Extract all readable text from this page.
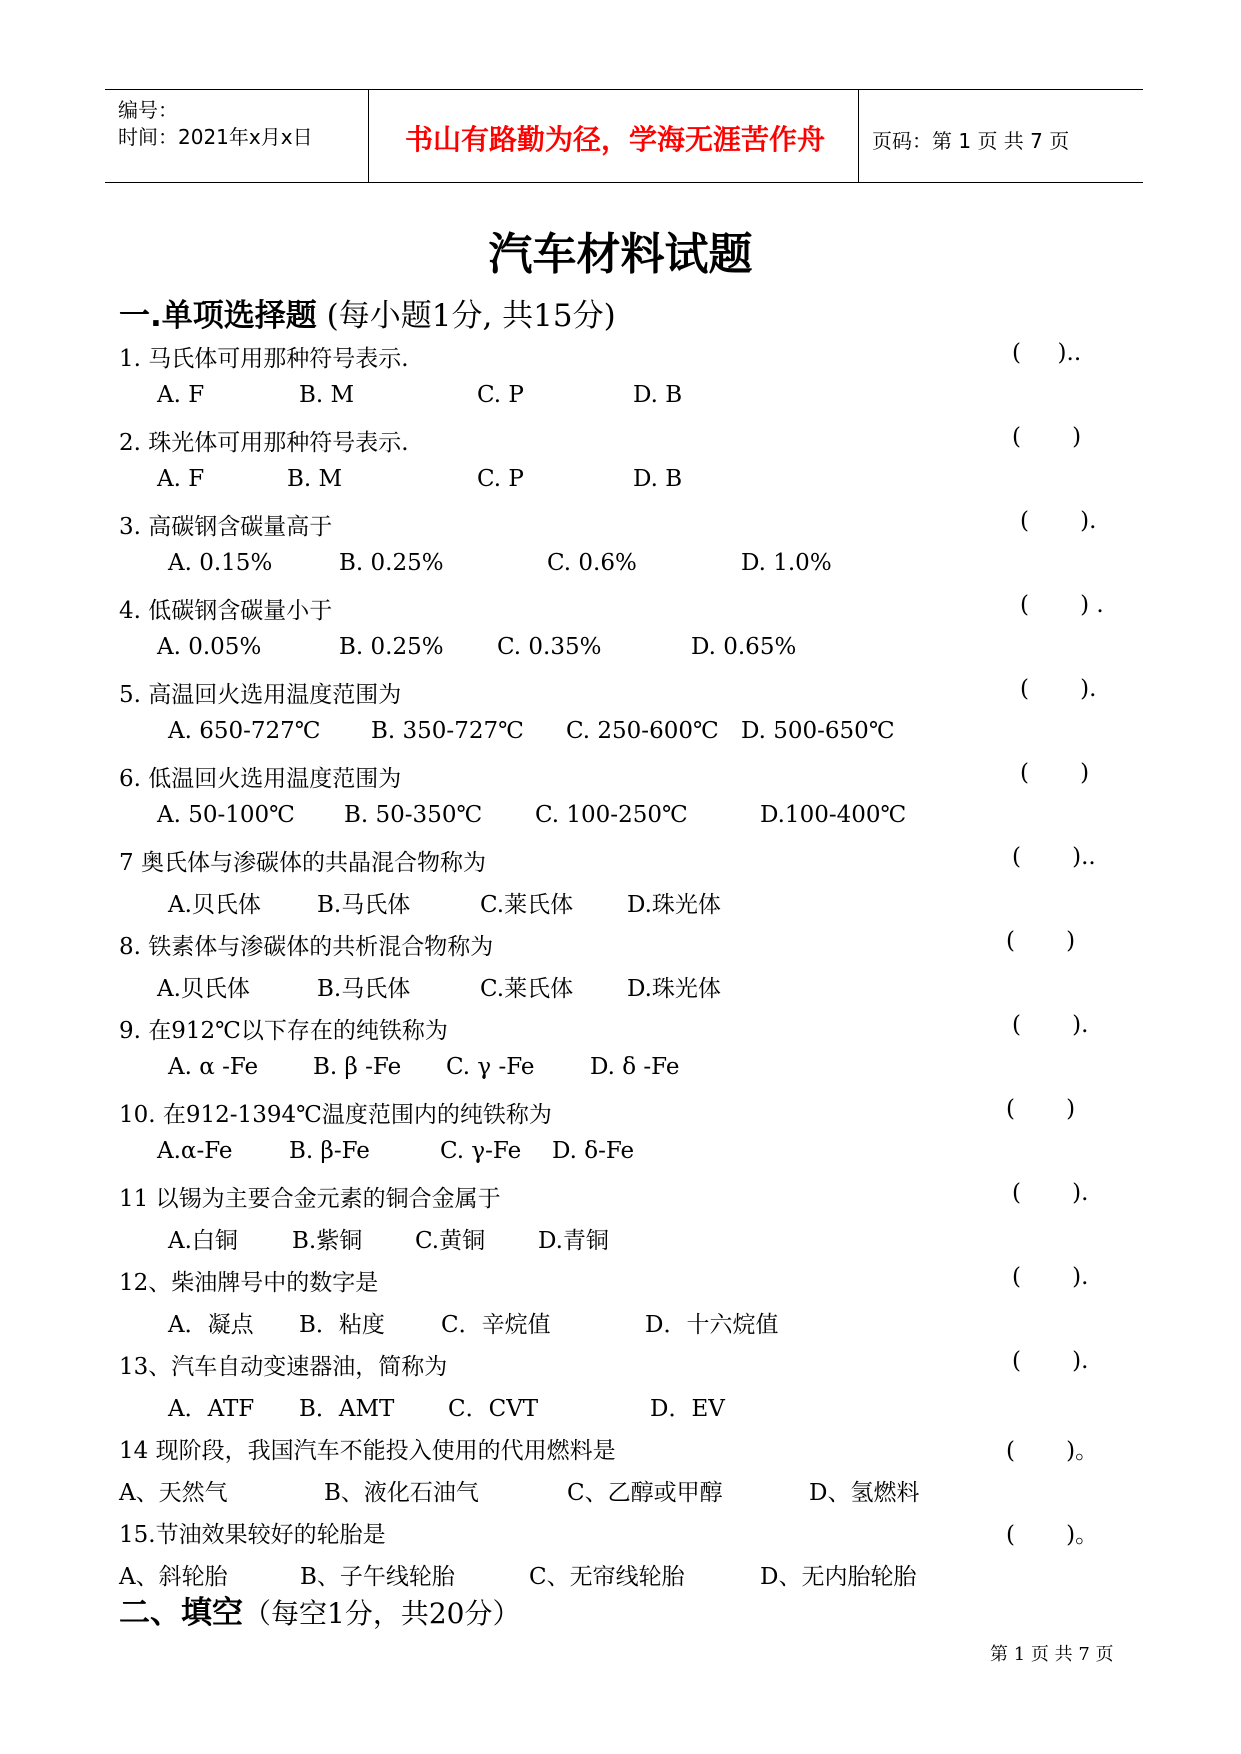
编号：
时间：2021年x月x日	书山有路勤为径，学海无涯苦作舟	页码：第 1 页 共 7 页
汽车材料试题
一.单项选择题 (每小题1分, 共15分)
1. 马氏体可用那种符号表示.	(     )..
A. F	B. M	C. P	D. B
2. 珠光体可用那种符号表示.	(       )
A. F	B. M	C. P	D. B
3. 高碳钢含碳量高于	(       ).
A. 0.15%	B. 0.25%	C. 0.6%	D. 1.0%
4. 低碳钢含碳量小于	(       ) .
A. 0.05%	B. 0.25% C. 0.35%	D. 0.65%
5. 高温回火选用温度范围为	(       ).
A. 650-727℃ B. 350-727℃ C. 250-600℃ D. 500-650℃
6. 低温回火选用温度范围为	(       )
A. 50-100℃ B. 50-350℃ C. 100-250℃	D.100-400℃
7 奥氏体与渗碳体的共晶混合物称为	(       )..
A.贝氏体 B.马氏体	C.莱氏体 D.珠光体
8. 铁素体与渗碳体的共析混合物称为	(       )
A.贝氏体	B.马氏体	C.莱氏体 D.珠光体
9. 在912℃以下存在的纯铁称为	(       ).
A. α -Fe B. β -Fe C. γ -Fe D. δ -Fe
10. 在912-1394℃温度范围内的纯铁称为	(       )
A.α-Fe B. β-Fe	C. γ-Fe D. δ-Fe
11 以锡为主要合金元素的铜合金属于	(       ).
A.白铜 B.紫铜 C.黄铜 D.青铜
12、柴油牌号中的数字是	(       ).
A．凝点 B．粘度 C．辛烷值	D．十六烷值
13、汽车自动变速器油，简称为	(       ).
A．ATF B．AMT C．CVT	D．EV
14 现阶段，我国汽车不能投入使用的代用燃料是	(       )。
A、天然气	B、液化石油气	C、乙醇或甲醇	D、氢燃料
15.节油效果较好的轮胎是	(       )。
A、斜轮胎	B、子午线轮胎	C、无帘线轮胎	D、无内胎轮胎
二、填空（每空1分，共20分）
第 1 页 共 7 页
